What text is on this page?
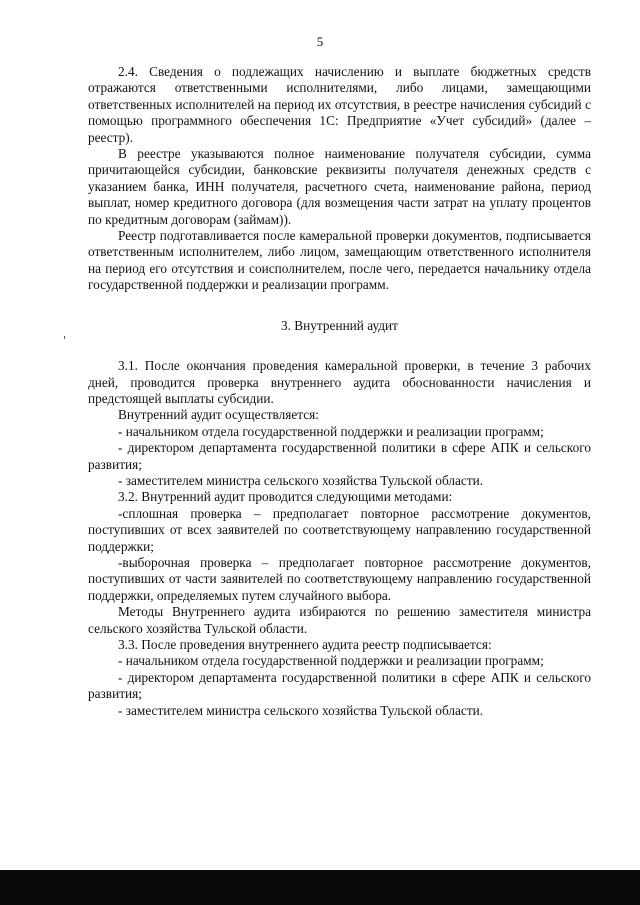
5

2.4. Сведения о подлежащих начислению и выплате бюджетных средств отражаются ответственными исполнителями, либо лицами, замещающими ответственных исполнителей на период их отсутствия, в реестре начисления субсидий с помощью программного обеспечения 1С: Предприятие «Учет субсидий» (далее – реестр).

В реестре указываются полное наименование получателя субсидии, сумма причитающейся субсидии, банковские реквизиты получателя денежных средств с указанием банка, ИНН получателя, расчетного счета, наименование района, период выплат, номер кредитного договора (для возмещения части затрат на уплату процентов по кредитным договорам (займам)).

Реестр подготавливается после камеральной проверки документов, подписывается ответственным исполнителем, либо лицом, замещающим ответственного исполнителя на период его отсутствия и соисполнителем, после чего, передается начальнику отдела государственной поддержки и реализации программ.

3. Внутренний аудит

3.1. После окончания проведения камеральной проверки, в течение 3 рабочих дней, проводится проверка внутреннего аудита обоснованности начисления и предстоящей выплаты субсидии.

Внутренний аудит осуществляется:

- начальником отдела государственной поддержки и реализации программ;

- директором департамента государственной политики в сфере АПК и сельского развития;

- заместителем министра сельского хозяйства Тульской области.

3.2. Внутренний аудит проводится следующими методами:

-сплошная проверка – предполагает повторное рассмотрение документов, поступивших от всех заявителей по соответствующему направлению государственной поддержки;

-выборочная проверка – предполагает повторное рассмотрение документов, поступивших от части заявителей по соответствующему направлению государственной поддержки, определяемых путем случайного выбора.

Методы Внутреннего аудита избираются по решению заместителя министра сельского хозяйства Тульской области.

3.3. После проведения внутреннего аудита реестр подписывается:

- начальником отдела государственной поддержки и реализации программ;

- директором департамента государственной политики в сфере АПК и сельского развития;

- заместителем министра сельского хозяйства Тульской области.
